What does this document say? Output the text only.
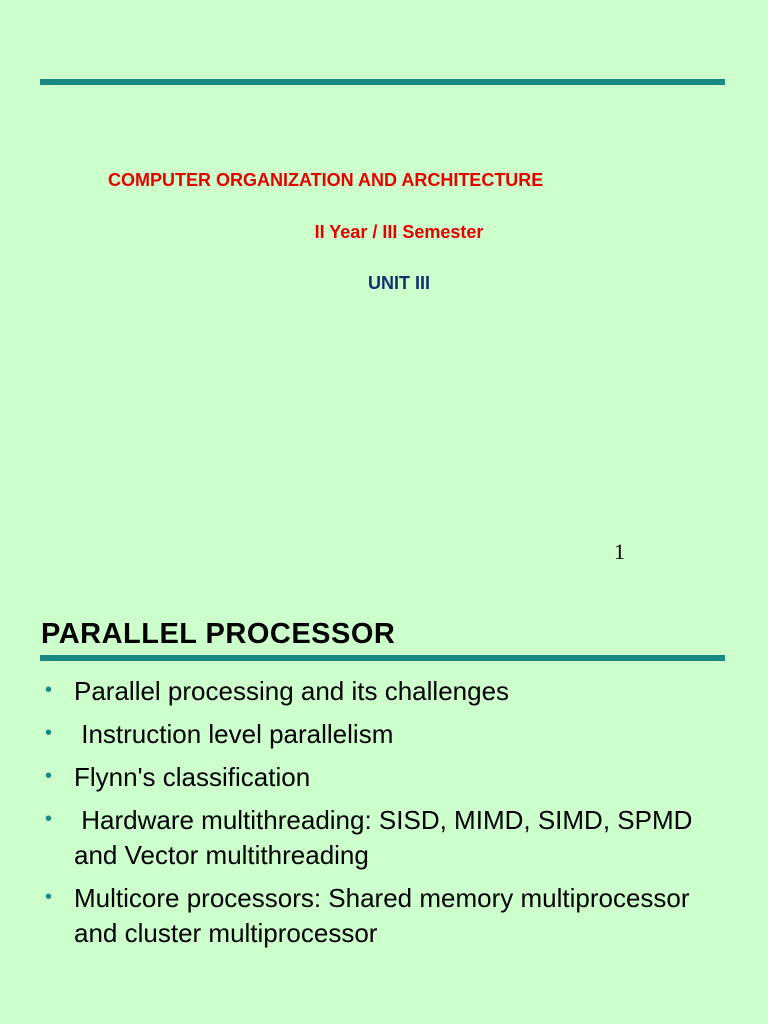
COMPUTER ORGANIZATION AND ARCHITECTURE
II Year / III Semester
UNIT III
1
PARALLEL PROCESSOR
• Parallel processing and its challenges
• Instruction level parallelism
• Flynn's classification
• Hardware multithreading: SISD, MIMD, SIMD, SPMD and Vector multithreading
• Multicore processors: Shared memory multiprocessor and cluster multiprocessor
